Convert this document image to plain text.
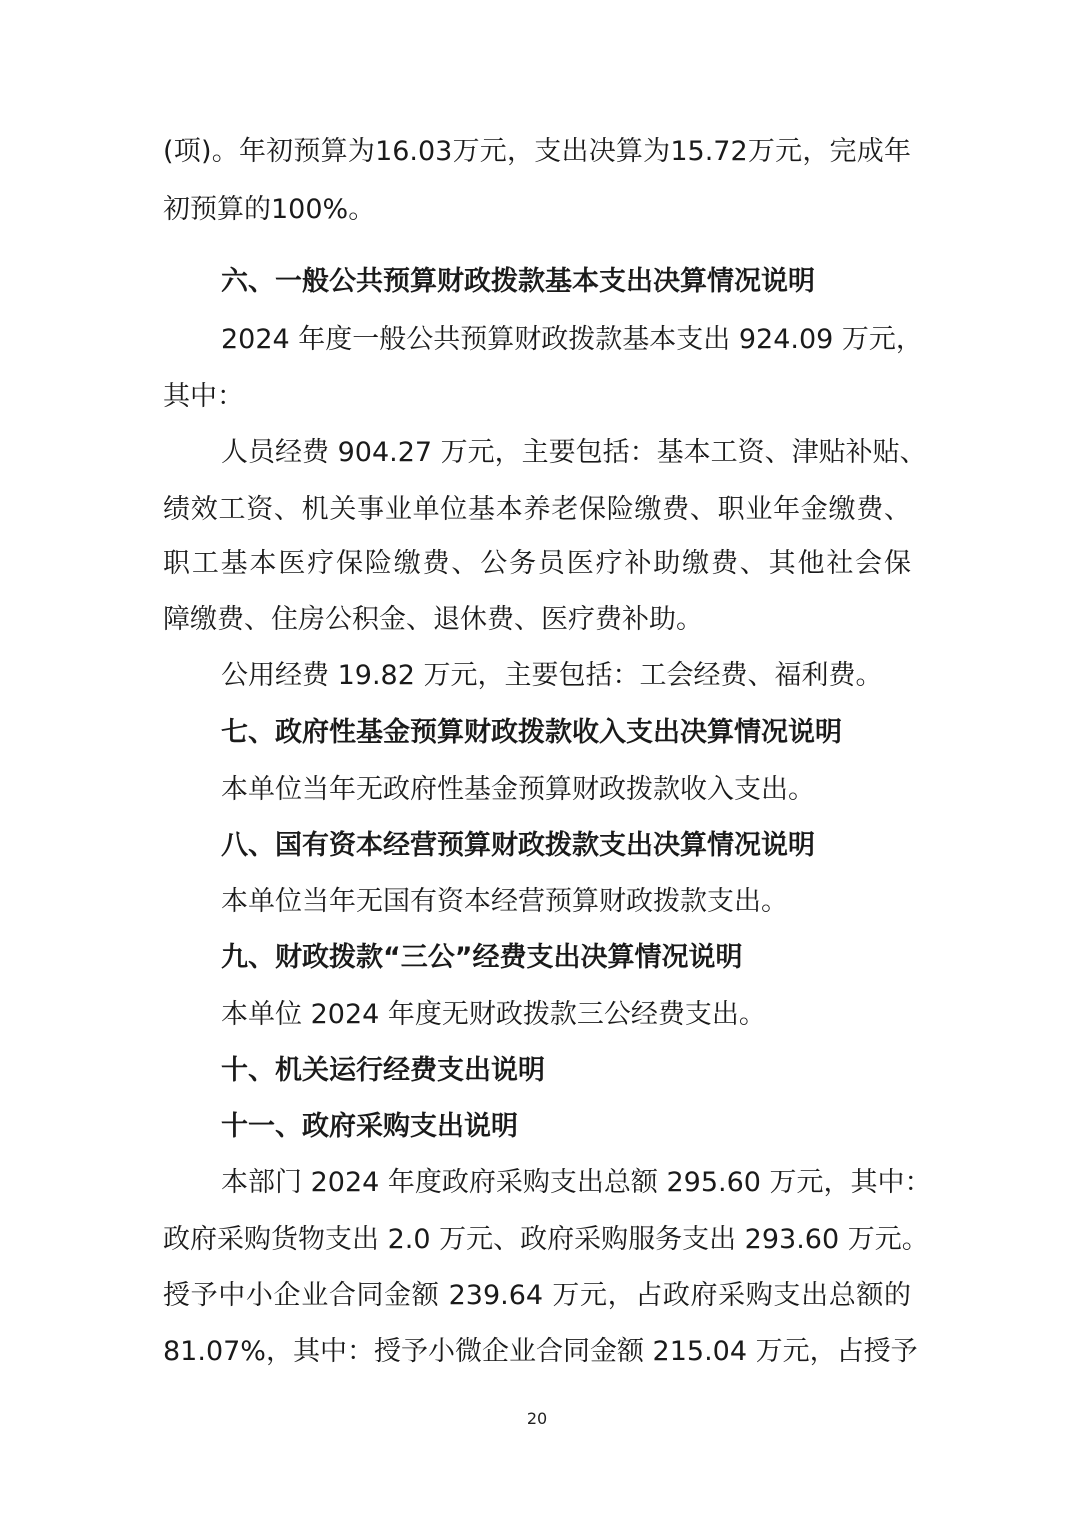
(项)。年初预算为16.03万元，支出决算为15.72万元，完成年
初预算的100%。
六、一般公共预算财政拨款基本支出决算情况说明
2024 年度一般公共预算财政拨款基本支出 924.09 万元，
其中：
人员经费 904.27 万元，主要包括：基本工资、津贴补贴、
绩效工资、机关事业单位基本养老保险缴费、职业年金缴费、
职工基本医疗保险缴费、公务员医疗补助缴费、其他社会保
障缴费、住房公积金、退休费、医疗费补助。
公用经费 19.82 万元，主要包括：工会经费、福利费。
七、政府性基金预算财政拨款收入支出决算情况说明
本单位当年无政府性基金预算财政拨款收入支出。
八、国有资本经营预算财政拨款支出决算情况说明
本单位当年无国有资本经营预算财政拨款支出。
九、财政拨款“三公”经费支出决算情况说明
本单位 2024 年度无财政拨款三公经费支出。
十、机关运行经费支出说明
十一、政府采购支出说明
本部门 2024 年度政府采购支出总额 295.60 万元，其中：
政府采购货物支出 2.0 万元、政府采购服务支出 293.60 万元。
授予中小企业合同金额 239.64 万元，占政府采购支出总额的
81.07%，其中：授予小微企业合同金额 215.04 万元，占授予
20
